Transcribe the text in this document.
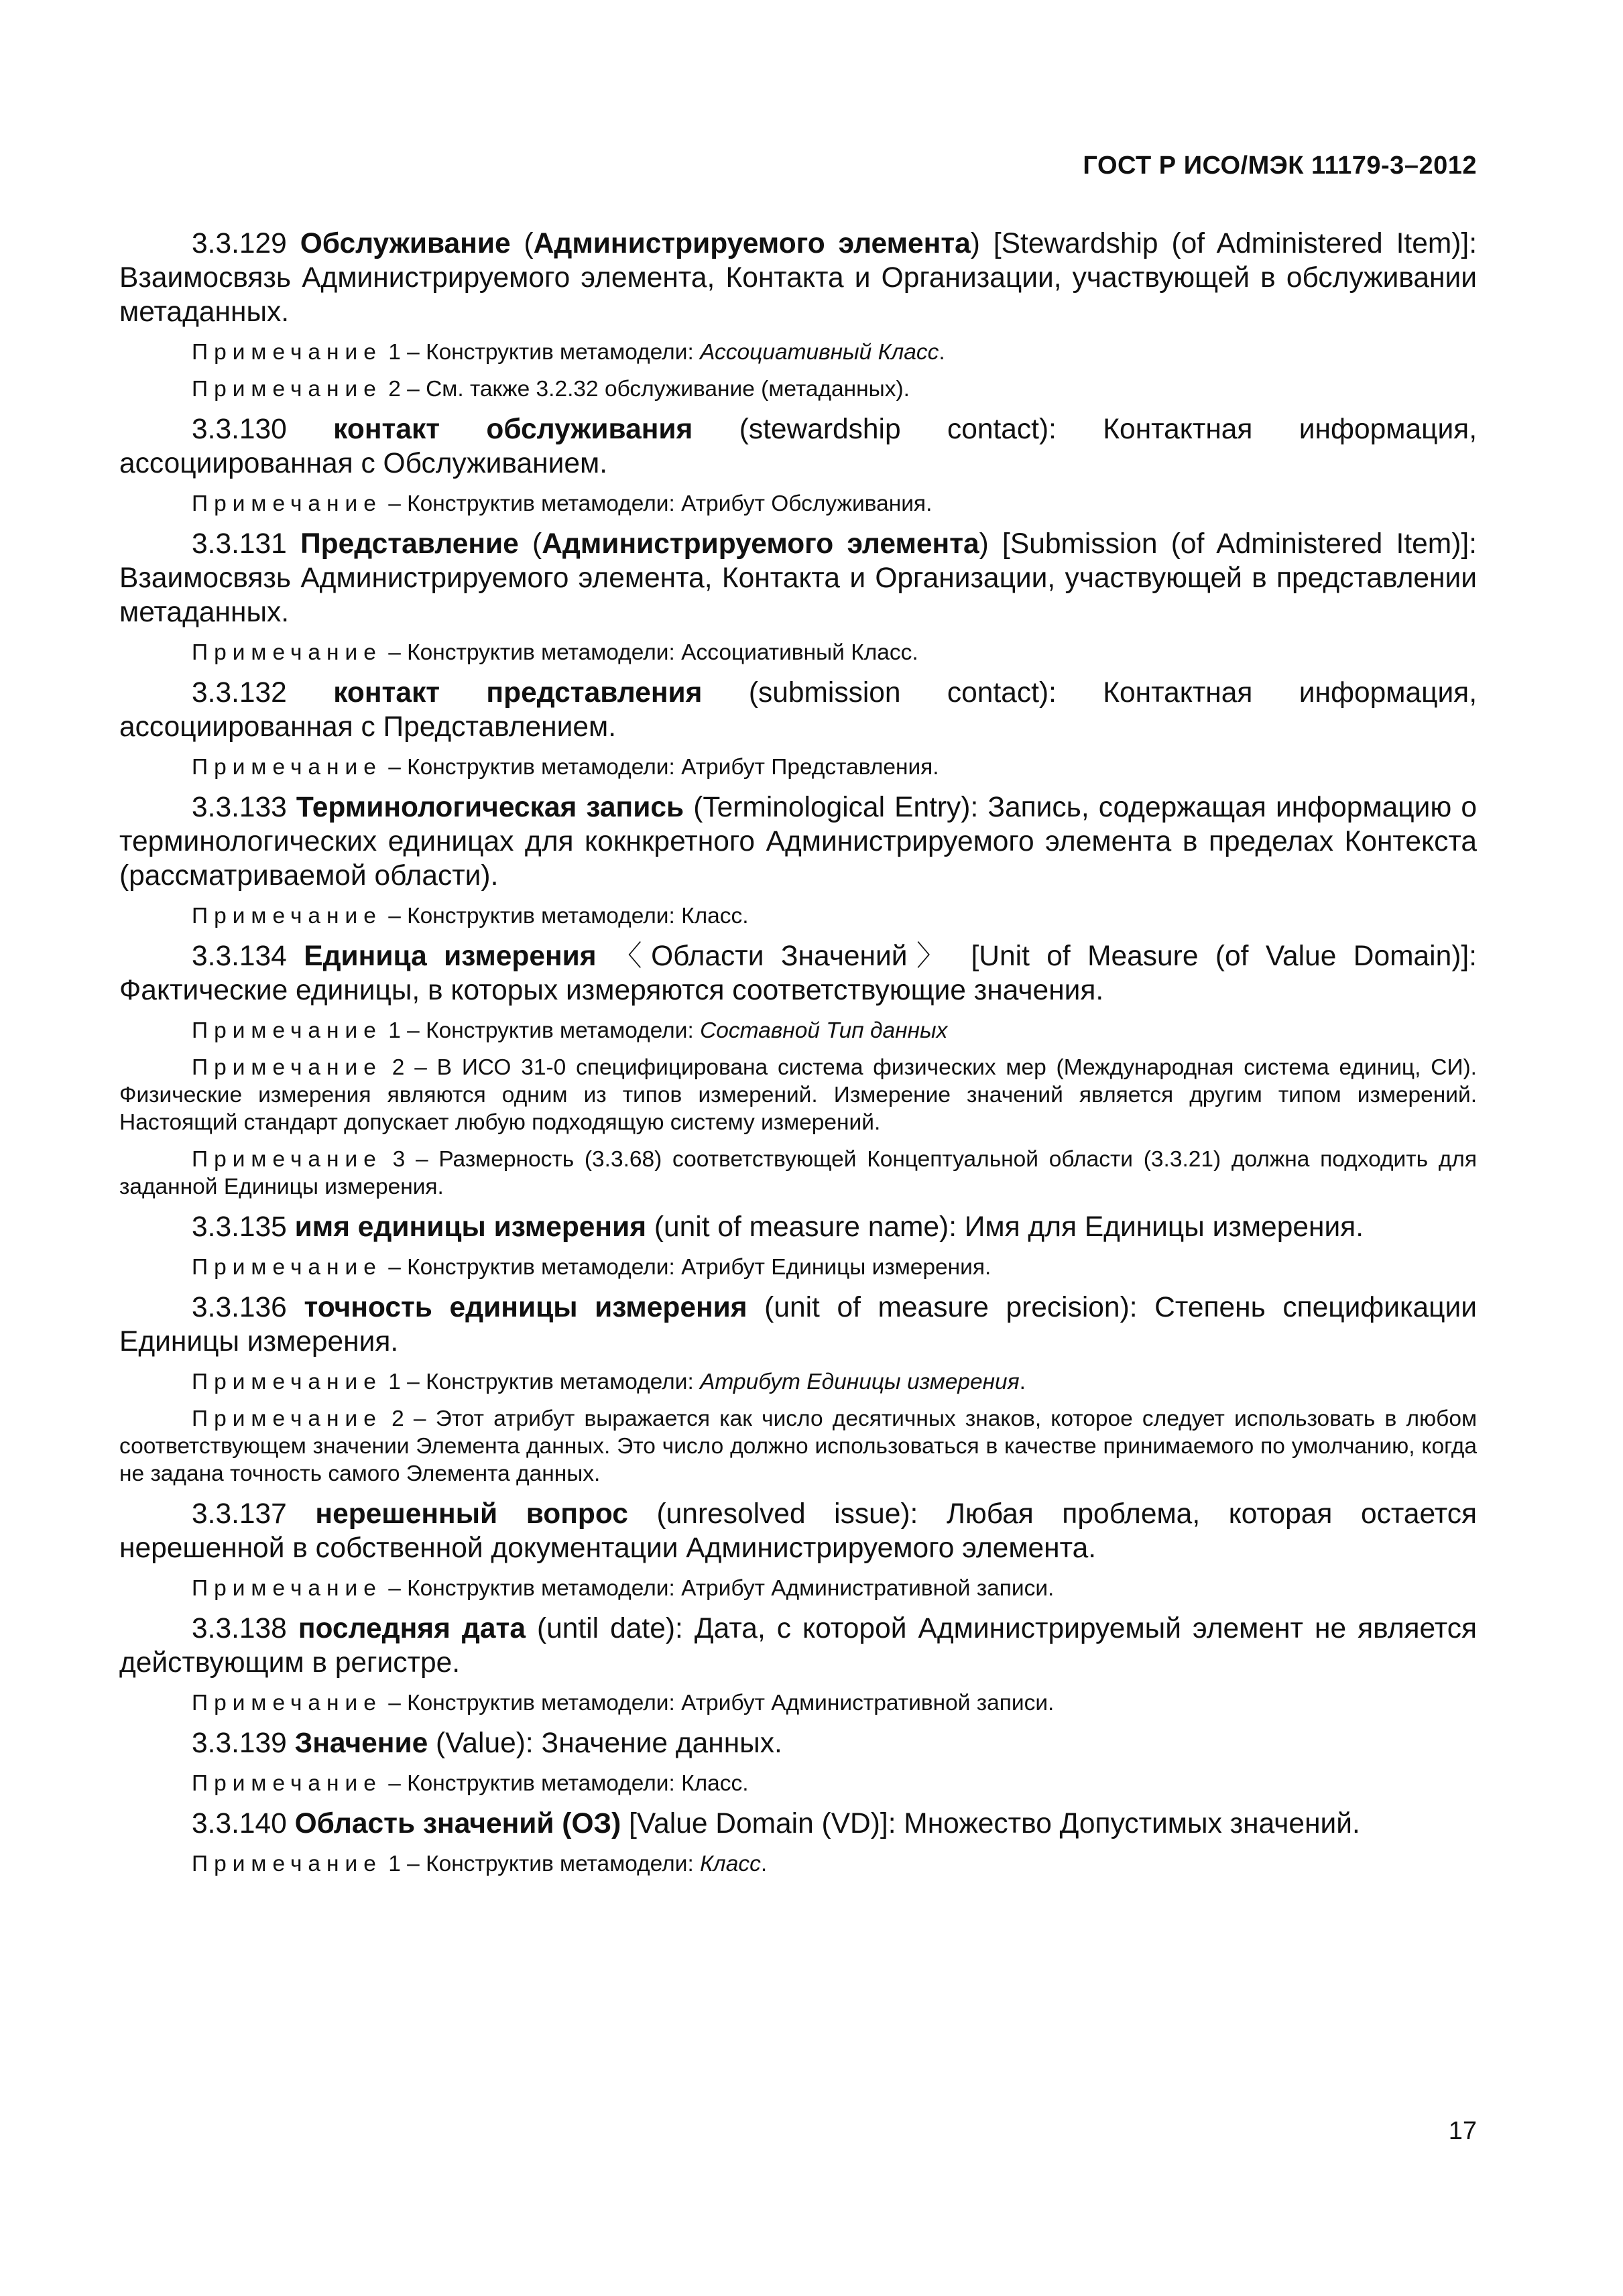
ГОСТ Р ИСО/МЭК 11179-3–2012

3.3.129 Обслуживание (Администрируемого элемента) [Stewardship (of Administered Item)]: Взаимосвязь Администрируемого элемента, Контакта и Организации, участвующей в обслуживании метаданных.

Примечание 1 – Конструктив метамодели: Ассоциативный Класс.

Примечание 2 – См. также 3.2.32 обслуживание (метаданных).

3.3.130 контакт обслуживания (stewardship contact): Контактная информация, ассоциированная с Обслуживанием.

Примечание – Конструктив метамодели: Атрибут Обслуживания.

3.3.131 Представление (Администрируемого элемента) [Submission (of Administered Item)]: Взаимосвязь Администрируемого элемента, Контакта и Организации, участвующей в представлении метаданных.

Примечание – Конструктив метамодели: Ассоциативный Класс.

3.3.132 контакт представления (submission contact): Контактная информация, ассоциированная с Представлением.

Примечание – Конструктив метамодели: Атрибут Представления.

3.3.133 Терминологическая запись (Terminological Entry): Запись, содержащая информацию о терминологических единицах для кокнкретного Администрируемого элемента в пределах Контекста (рассматриваемой области).

Примечание – Конструктив метамодели: Класс.

3.3.134 Единица измерения 〈Области Значений〉 [Unit of Measure (of Value Domain)]: Фактические единицы, в которых измеряются соответствующие значения.

Примечание 1 – Конструктив метамодели: Составной Тип данных

Примечание 2 – В ИСО 31-0 специфицирована система физических мер (Международная система единиц, СИ). Физические измерения являются одним из типов измерений. Измерение значений является другим типом измерений. Настоящий стандарт допускает любую подходящую систему измерений.

Примечание 3 – Размерность (3.3.68) соответствующей Концептуальной области (3.3.21) должна подходить для заданной Единицы измерения.

3.3.135 имя единицы измерения (unit of measure name): Имя для Единицы измерения.

Примечание – Конструктив метамодели: Атрибут Единицы измерения.

3.3.136 точность единицы измерения (unit of measure precision): Степень спецификации Единицы измерения.

Примечание 1 – Конструктив метамодели: Атрибут Единицы измерения.

Примечание 2 – Этот атрибут выражается как число десятичных знаков, которое следует использовать в любом соответствующем значении Элемента данных. Это число должно использоваться в качестве принимаемого по умолчанию, когда не задана точность самого Элемента данных.

3.3.137 нерешенный вопрос (unresolved issue): Любая проблема, которая остается нерешенной в собственной документации Администрируемого элемента.

Примечание – Конструктив метамодели: Атрибут Административной записи.

3.3.138 последняя дата (until date): Дата, с которой Администрируемый элемент не является действующим в регистре.

Примечание – Конструктив метамодели: Атрибут Административной записи.

3.3.139 Значение (Value): Значение данных.

Примечание – Конструктив метамодели: Класс.

3.3.140 Область значений (ОЗ) [Value Domain (VD)]: Множество Допустимых значений.

Примечание 1 – Конструктив метамодели: Класс.

17
